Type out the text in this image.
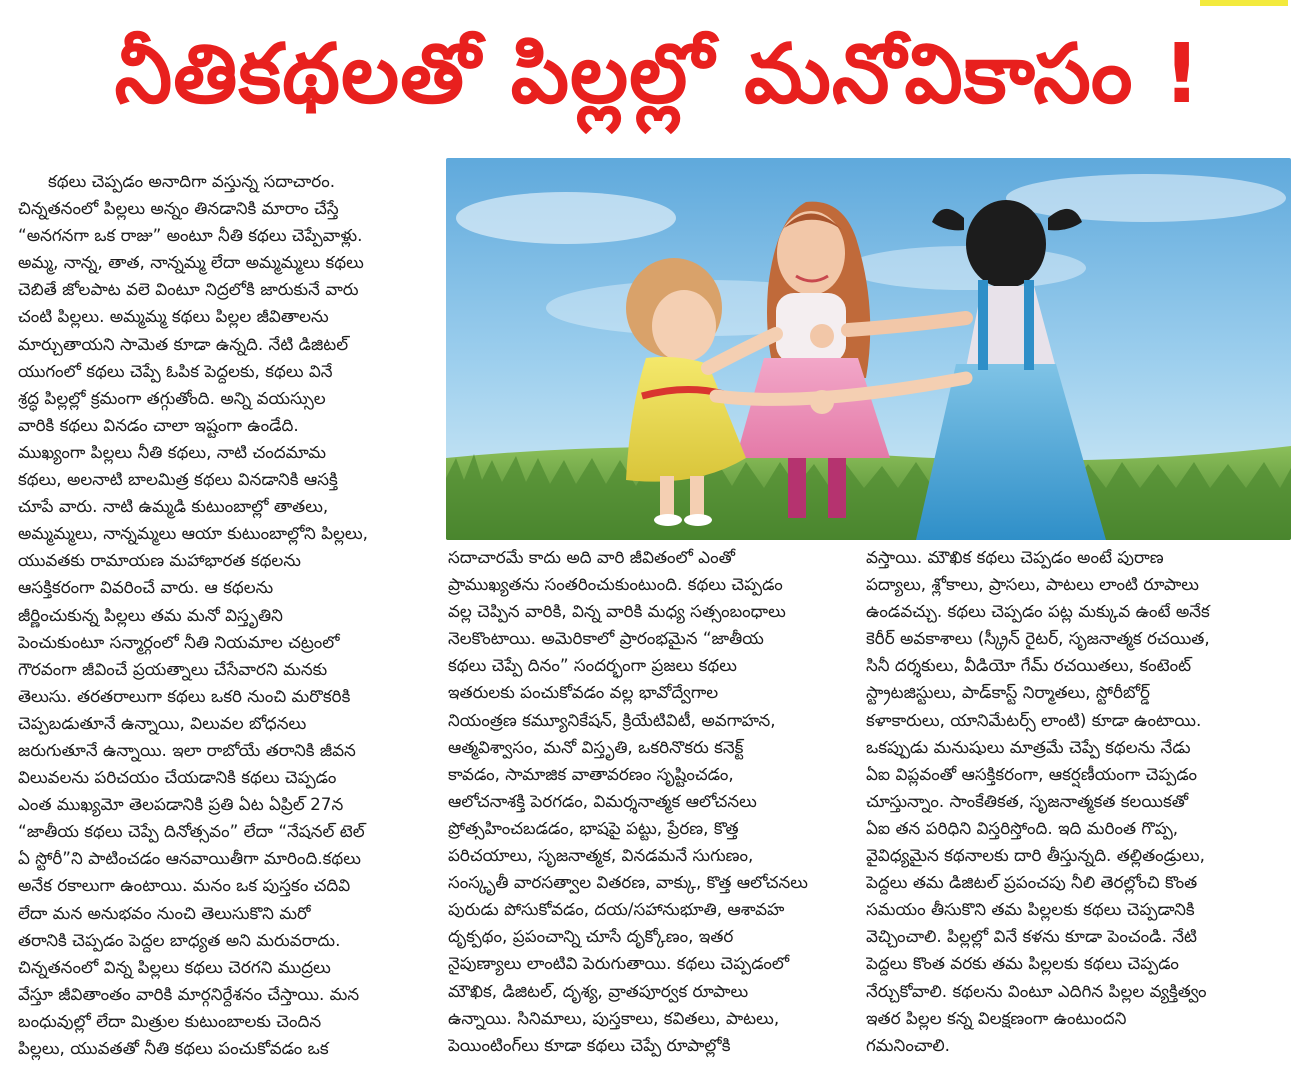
నీతికథలతో పిల్లల్లో మనోవికాసం !
కథలు చెప్పడం అనాదిగా వస్తున్న సదాచారం.
చిన్నతనంలో పిల్లలు అన్నం తినడానికి మారాం చేస్తే
“అనగనగా ఒక రాజు” అంటూ నీతి కథలు చెప్పేవాళ్లు.
అమ్మ, నాన్న, తాత, నాన్నమ్మ లేదా అమ్మమ్మలు కథలు
చెబితే జోలపాట వలె వింటూ నిద్రలోకి జారుకునే వారు
చంటి పిల్లలు. అమ్మమ్మ కథలు పిల్లల జీవితాలను
మార్చుతాయని సామెత కూడా ఉన్నది. నేటి డిజిటల్
యుగంలో కథలు చెప్పే ఓపిక పెద్దలకు, కథలు వినే
శ్రద్ధ పిల్లల్లో క్రమంగా తగ్గుతోంది. అన్ని వయస్సుల
వారికి కథలు వినడం చాలా ఇష్టంగా ఉండేది.
ముఖ్యంగా పిల్లలు నీతి కథలు, నాటి చందమామ
కథలు, అలనాటి బాలమిత్ర కథలు వినడానికి ఆసక్తి
చూపే వారు. నాటి ఉమ్మడి కుటుంబాల్లో తాతలు,
అమ్మమ్మలు, నాన్నమ్మలు ఆయా కుటుంబాల్లోని పిల్లలు,
యువతకు రామాయణ మహాభారత కథలను
ఆసక్తికరంగా వివరించే వారు. ఆ కథలను
జీర్ణించుకున్న పిల్లలు తమ మనో విస్తృతిని
పెంచుకుంటూ సన్మార్గంలో నీతి నియమాల చట్రంలో
గౌరవంగా జీవించే ప్రయత్నాలు చేసేవారని మనకు
తెలుసు. తరతరాలుగా కథలు ఒకరి నుంచి మరొకరికి
చెప్పబడుతూనే ఉన్నాయి, విలువల బోధనలు
జరుగుతూనే ఉన్నాయి. ఇలా రాబోయే తరానికి జీవన
విలువలను పరిచయం చేయడానికి కథలు చెప్పడం
ఎంత ముఖ్యమో తెలపడానికి ప్రతి ఏట ఏప్రిల్ 27న
“జాతీయ కథలు చెప్పే దినోత్సవం” లేదా “నేషనల్ టెల్
ఏ స్టోరీ”ని పాటించడం ఆనవాయితీగా మారింది.కథలు
అనేక రకాలుగా ఉంటాయి. మనం ఒక పుస్తకం చదివి
లేదా మన అనుభవం నుంచి తెలుసుకొని మరో
తరానికి చెప్పడం పెద్దల బాధ్యత అని మరువరాదు.
చిన్నతనంలో విన్న పిల్లలు కథలు చెరగని ముద్రలు
వేస్తూ జీవితాంతం వారికి మార్గనిర్దేశనం చేస్తాయి. మన
బంధువుల్లో లేదా మిత్రుల కుటుంబాలకు చెందిన
పిల్లలు, యువతతో నీతి కథలు పంచుకోవడం ఒక
సదాచారమే కాదు అది వారి జీవితంలో ఎంతో
ప్రాముఖ్యతను సంతరించుకుంటుంది. కథలు చెప్పడం
వల్ల చెప్పిన వారికి, విన్న వారికి మధ్య సత్సంబంధాలు
నెలకొంటాయి. అమెరికాలో ప్రారంభమైన “జాతీయ
కథలు చెప్పే దినం” సందర్భంగా ప్రజలు కథలు
ఇతరులకు పంచుకోవడం వల్ల భావోద్వేగాల
నియంత్రణ కమ్యూనికేషన్, క్రియేటివిటీ, అవగాహన,
ఆత్మవిశ్వాసం, మనో విస్తృతి, ఒకరినొకరు కనెక్ట్
కావడం, సామాజిక వాతావరణం సృష్టించడం,
ఆలోచనాశక్తి పెరగడం, విమర్శనాత్మక ఆలోచనలు
ప్రోత్సహించబడడం, భాషపై పట్టు, ప్రేరణ, కొత్త
పరిచయాలు, సృజనాత్మక, వినడమనే సుగుణం,
సంస్కృతీ వారసత్వాల వితరణ, వాక్కు, కొత్త ఆలోచనలు
పురుడు పోసుకోవడం, దయ/సహానుభూతి, ఆశావహ
దృక్పథం, ప్రపంచాన్ని చూసే దృక్కోణం, ఇతర
నైపుణ్యాలు లాంటివి పెరుగుతాయి. కథలు చెప్పడంలో
మౌఖిక, డిజిటల్, దృశ్య, వ్రాతపూర్వక రూపాలు
ఉన్నాయి. సినిమాలు, పుస్తకాలు, కవితలు, పాటలు,
పెయింటింగ్‌లు కూడా కథలు చెప్పే రూపాల్లోకి
వస్తాయి. మౌఖిక కథలు చెప్పడం అంటే పురాణ
పద్యాలు, శ్లోకాలు, ప్రాసలు, పాటలు లాంటి రూపాలు
ఉండవచ్చు. కథలు చెప్పడం పట్ల మక్కువ ఉంటే అనేక
కెరీర్ అవకాశాలు (స్క్రీన్ రైటర్, సృజనాత్మక రచయిత,
సినీ దర్శకులు, వీడియో గేమ్ రచయితలు, కంటెంట్
స్ట్రాటజిస్టులు, పాడ్‌కాస్ట్ నిర్మాతలు, స్టోరీబోర్డ్
కళాకారులు, యానిమేటర్స్ లాంటి) కూడా ఉంటాయి.
ఒకప్పుడు మనుషులు మాత్రమే చెప్పే కథలను నేడు
ఏఐ విప్లవంతో ఆసక్తికరంగా, ఆకర్షణీయంగా చెప్పడం
చూస్తున్నాం. సాంకేతికత, సృజనాత్మకత కలయికతో
ఏఐ తన పరిధిని విస్తరిస్తోంది. ఇది మరింత గొప్ప,
వైవిధ్యమైన కథనాలకు దారి తీస్తున్నది. తల్లితండ్రులు,
పెద్దలు తమ డిజిటల్ ప్రపంచపు నీలి తెరల్లోంచి కొంత
సమయం తీసుకొని తమ పిల్లలకు కథలు చెప్పడానికి
వెచ్చించాలి. పిల్లల్లో వినే కళను కూడా పెంచండి. నేటి
పెద్దలు కొంత వరకు తమ పిల్లలకు కథలు చెప్పడం
నేర్చుకోవాలి. కథలను వింటూ ఎదిగిన పిల్లల వ్యక్తిత్వం
ఇతర పిల్లల కన్న విలక్షణంగా ఉంటుందని
గమనించాలి.
